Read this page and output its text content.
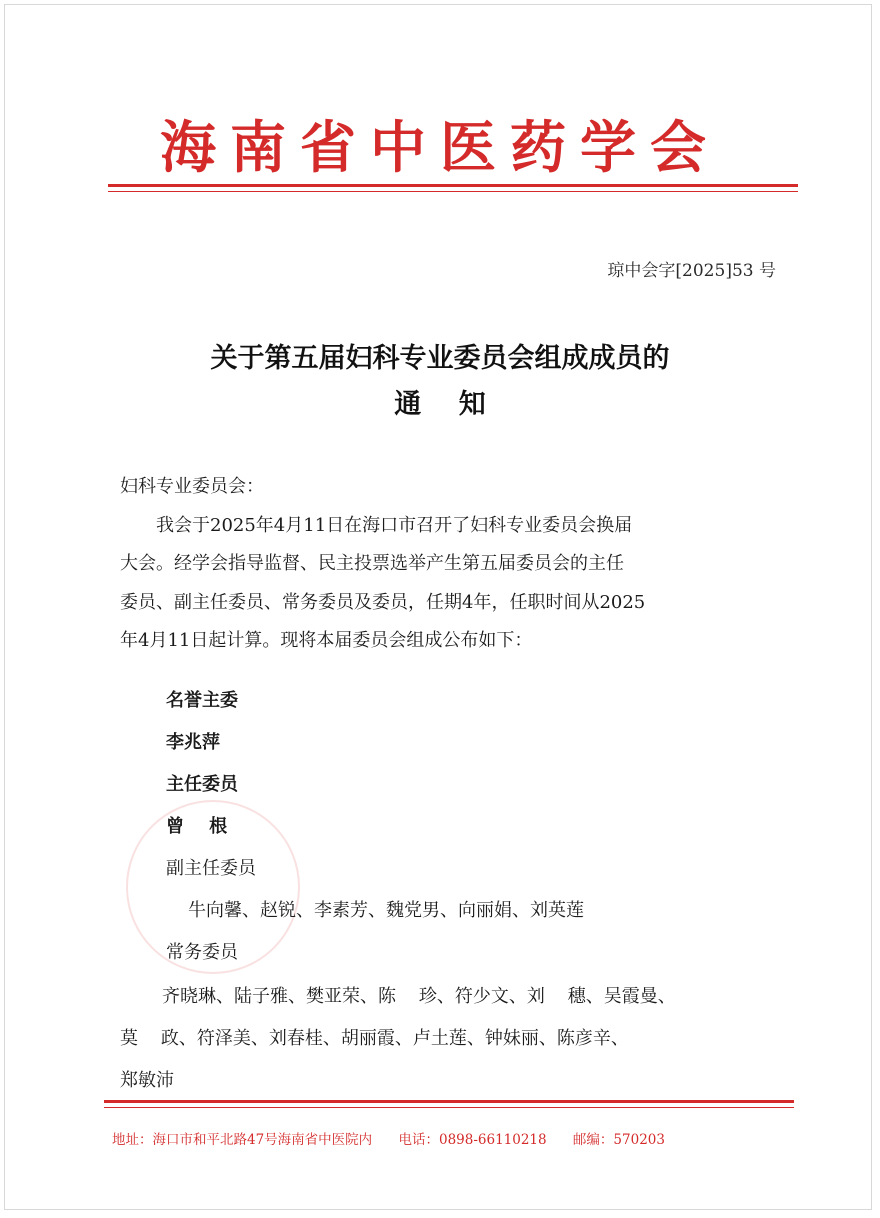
海南省中医药学会
琼中会字[2025]53 号
关于第五届妇科专业委员会组成成员的
通    知

妇科专业委员会：

我会于2025年4月11日在海口市召开了妇科专业委员会换届

大会。经学会指导监督、民主投票选举产生第五届委员会的主任

委员、副主任委员、常务委员及委员，任期4年，任职时间从2025

年4月11日起计算。现将本届委员会组成公布如下：

名誉主委
李兆萍
主任委员
曾    根
副主任委员
牛向馨、赵锐、李素芳、魏党男、向丽娟、刘英莲
常务委员
齐晓琳、陆子雅、樊亚荣、陈    珍、符少文、刘    穗、吴霞曼、
莫    政、符泽美、刘春桂、胡丽霞、卢土莲、钟妹丽、陈彦辛、
郑敏沛
地址：海口市和平北路47号海南省中医院内 电话：0898-66110218 邮编：570203
